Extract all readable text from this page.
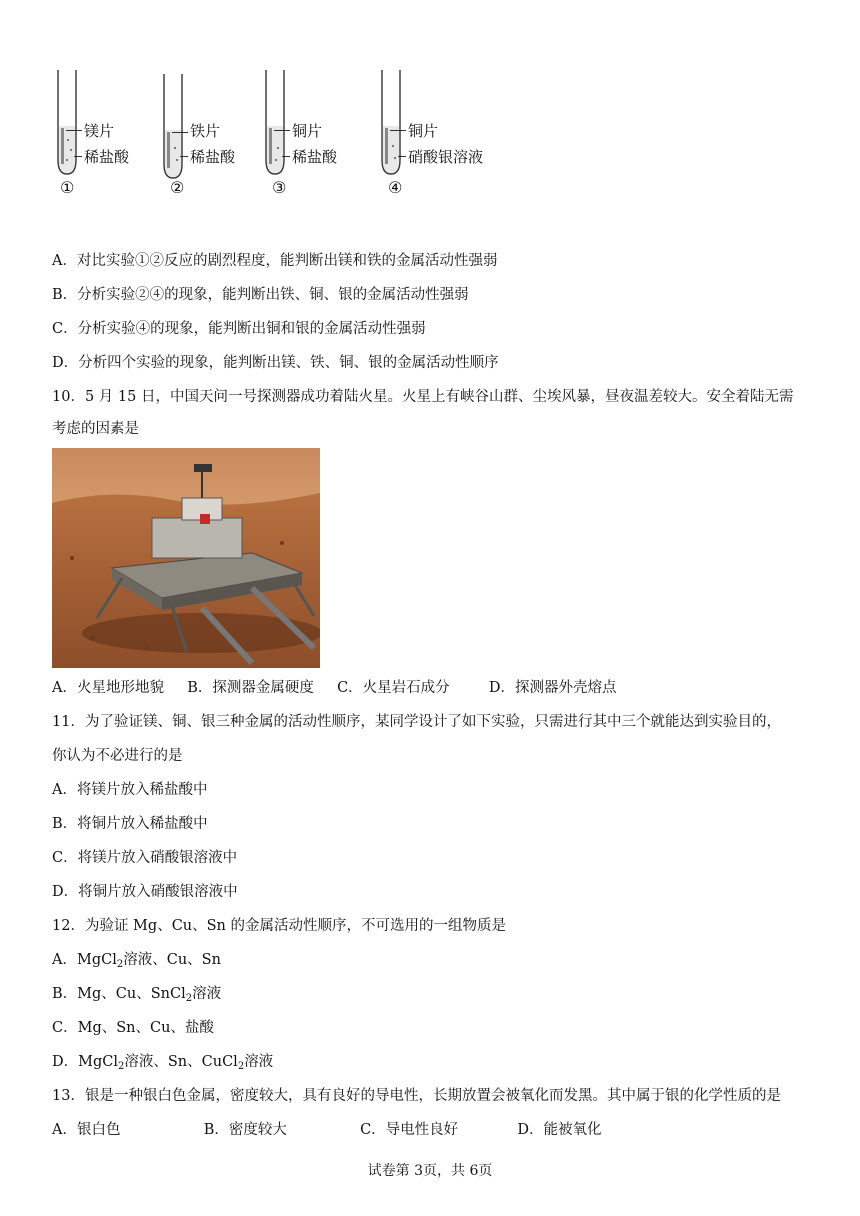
镁片
稀盐酸
①
铁片
稀盐酸
②
铜片
稀盐酸
③
铜片
硝酸银溶液
④
A．对比实验①②反应的剧烈程度，能判断出镁和铁的金属活动性强弱
B．分析实验②④的现象，能判断出铁、铜、银的金属活动性强弱
C．分析实验④的现象，能判断出铜和银的金属活动性强弱
D．分析四个实验的现象，能判断出镁、铁、铜、银的金属活动性顺序
10．5 月 15 日，中国天问一号探测器成功着陆火星。火星上有峡谷山群、尘埃风暴，昼夜温差较大。安全着陆无需
考虑的因素是
A．火星地形地貌 B．探测器金属硬度 C．火星岩石成分	D．探测器外壳熔点
11．为了验证镁、铜、银三种金属的活动性顺序，某同学设计了如下实验，只需进行其中三个就能达到实验目的，
你认为不必进行的是
A．将镁片放入稀盐酸中
B．将铜片放入稀盐酸中
C．将镁片放入硝酸银溶液中
D．将铜片放入硝酸银溶液中
12．为验证 Mg、Cu、Sn 的金属活动性顺序，不可选用的一组物质是
A．MgCl$_2$溶液、Cu、Sn
B．Mg、Cu、SnCl$_2$溶液
C．Mg、Sn、Cu、盐酸
D．MgCl$_2$溶液、Sn、CuCl$_2$溶液
13．银是一种银白色金属，密度较大，具有良好的导电性，长期放置会被氧化而发黑。其中属于银的化学性质的是
A．银白色	B．密度较大	C．导电性良好	D．能被氧化
试卷第 3页，共 6页
